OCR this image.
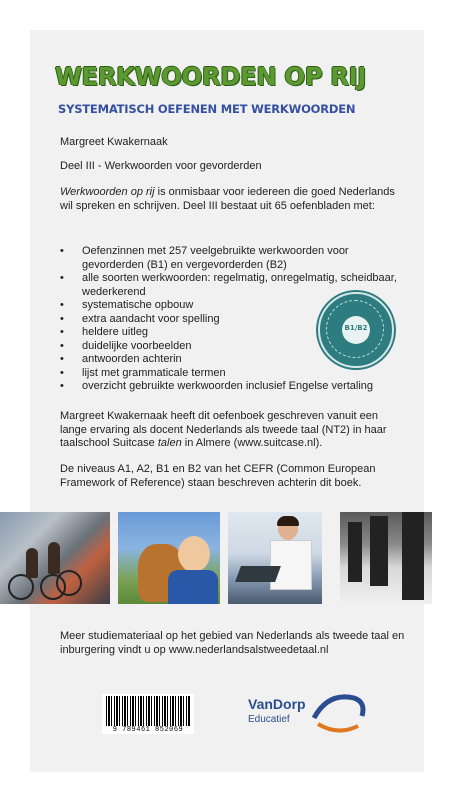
WERKWOORDEN OP RIJ
SYSTEMATISCH OEFENEN MET WERKWOORDEN
Margreet Kwakernaak
Deel III - Werkwoorden voor gevorderden
Werkwoorden op rij is onmisbaar voor iedereen die goed Nederlands wil spreken en schrijven. Deel III bestaat uit 65 oefenbladen met:
• Oefenzinnen met 257 veelgebruikte werkwoorden voor gevorderden (B1) en vergevorderden (B2)
• alle soorten werkwoorden: regelmatig, onregelmatig, scheidbaar, wederkerend
• systematische opbouw
• extra aandacht voor spelling
• heldere uitleg
• duidelijke voorbeelden
• antwoorden achterin
• lijst met grammaticale termen
• overzicht gebruikte werkwoorden inclusief Engelse vertaling
B1/B2
Margreet Kwakernaak heeft dit oefenboek geschreven vanuit een lange ervaring als docent Nederlands als tweede taal (NT2) in haar taalschool Suitcase talen in Almere (www.suitcase.nl).
De niveaus A1, A2, B1 en B2 van het CEFR (Common European Framework of Reference) staan beschreven achterin dit boek.
Meer studiemateriaal op het gebied van Nederlands als tweede taal en inburgering vindt u op www.nederlandsalstweedetaal.nl
9 789461 852069
VanDorp
Educatief
